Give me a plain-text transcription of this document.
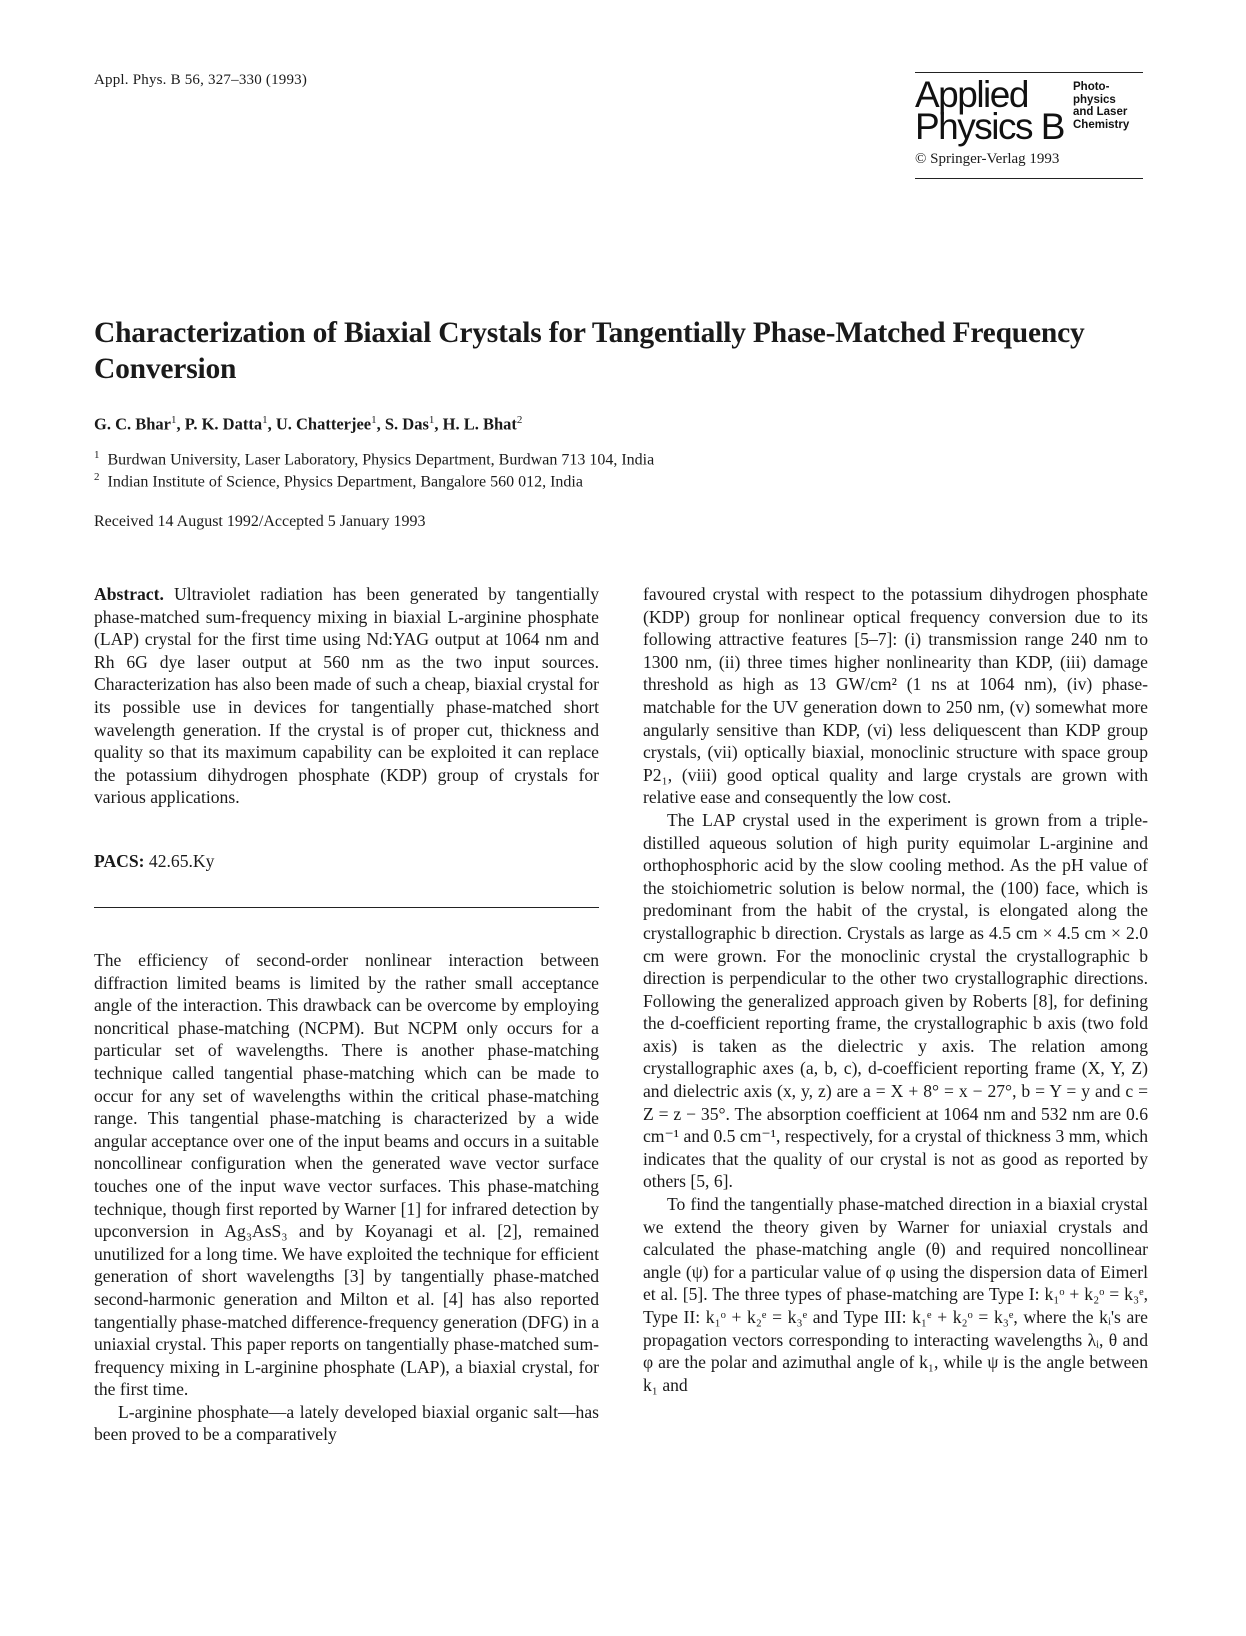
Appl. Phys. B 56, 327–330 (1993)	Applied
Physics B
Photo-
physics
and Laser
Chemistry
© Springer-Verlag 1993
Characterization of Biaxial Crystals for Tangentially Phase-Matched Frequency Conversion
G. C. Bhar$^1$, P. K. Datta$^1$, U. Chatterjee$^1$, S. Das$^1$, H. L. Bhat$^2$
$^1$ Burdwan University, Laser Laboratory, Physics Department, Burdwan 713 104, India
$^2$ Indian Institute of Science, Physics Department, Bangalore 560 012, India
Received 14 August 1992/Accepted 5 January 1993

Abstract. Ultraviolet radiation has been generated by tangentially phase-matched sum-frequency mixing in biaxial L-arginine phosphate (LAP) crystal for the first time using Nd:YAG output at 1064 nm and Rh 6G dye laser output at 560 nm as the two input sources. Characterization has also been made of such a cheap, biaxial crystal for its possible use in devices for tangentially phase-matched short wavelength generation. If the crystal is of proper cut, thickness and quality so that its maximum capability can be exploited it can replace the potassium dihydrogen phosphate (KDP) group of crystals for various applications.

PACS: 42.65.Ky

The efficiency of second-order nonlinear interaction between diffraction limited beams is limited by the rather small acceptance angle of the interaction. This drawback can be overcome by employing noncritical phase-matching (NCPM). But NCPM only occurs for a particular set of wavelengths. There is another phase-matching technique called tangential phase-matching which can be made to occur for any set of wavelengths within the critical phase-matching range. This tangential phase-matching is characterized by a wide angular acceptance over one of the input beams and occurs in a suitable noncollinear configuration when the generated wave vector surface touches one of the input wave vector surfaces. This phase-matching technique, though first reported by Warner [1] for infrared detection by upconversion in Ag₃AsS₃ and by Koyanagi et al. [2], remained unutilized for a long time. We have exploited the technique for efficient generation of short wavelengths [3] by tangentially phase-matched second-harmonic generation and Milton et al. [4] has also reported tangentially phase-matched difference-frequency generation (DFG) in a uniaxial crystal. This paper reports on tangentially phase-matched sum-frequency mixing in L-arginine phosphate (LAP), a biaxial crystal, for the first time.

L-arginine phosphate—a lately developed biaxial organic salt—has been proved to be a comparatively

favoured crystal with respect to the potassium dihydrogen phosphate (KDP) group for nonlinear optical frequency conversion due to its following attractive features [5–7]: (i) transmission range 240 nm to 1300 nm, (ii) three times higher nonlinearity than KDP, (iii) damage threshold as high as 13 GW/cm² (1 ns at 1064 nm), (iv) phase-matchable for the UV generation down to 250 nm, (v) somewhat more angularly sensitive than KDP, (vi) less deliquescent than KDP group crystals, (vii) optically biaxial, monoclinic structure with space group P2₁, (viii) good optical quality and large crystals are grown with relative ease and consequently the low cost.

The LAP crystal used in the experiment is grown from a triple-distilled aqueous solution of high purity equimolar L-arginine and orthophosphoric acid by the slow cooling method. As the pH value of the stoichiometric solution is below normal, the (100) face, which is predominant from the habit of the crystal, is elongated along the crystallographic b direction. Crystals as large as 4.5 cm × 4.5 cm × 2.0 cm were grown. For the monoclinic crystal the crystallographic b direction is perpendicular to the other two crystallographic directions. Following the generalized approach given by Roberts [8], for defining the d-coefficient reporting frame, the crystallographic b axis (two fold axis) is taken as the dielectric y axis. The relation among crystallographic axes (a, b, c), d-coefficient reporting frame (X, Y, Z) and dielectric axis (x, y, z) are a = X + 8° = x − 27°, b = Y = y and c = Z = z − 35°. The absorption coefficient at 1064 nm and 532 nm are 0.6 cm⁻¹ and 0.5 cm⁻¹, respectively, for a crystal of thickness 3 mm, which indicates that the quality of our crystal is not as good as reported by others [5, 6].

To find the tangentially phase-matched direction in a biaxial crystal we extend the theory given by Warner for uniaxial crystals and calculated the phase-matching angle (θ) and required noncollinear angle (ψ) for a particular value of φ using the dispersion data of Eimerl et al. [5]. The three types of phase-matching are Type I: k₁ᵒ + k₂ᵒ = k₃ᵉ, Type II: k₁ᵒ + k₂ᵉ = k₃ᵉ and Type III: k₁ᵉ + k₂ᵒ = k₃ᵉ, where the kᵢ's are propagation vectors corresponding to interacting wavelengths λᵢ, θ and φ are the polar and azimuthal angle of k₁, while ψ is the angle between k₁ and
